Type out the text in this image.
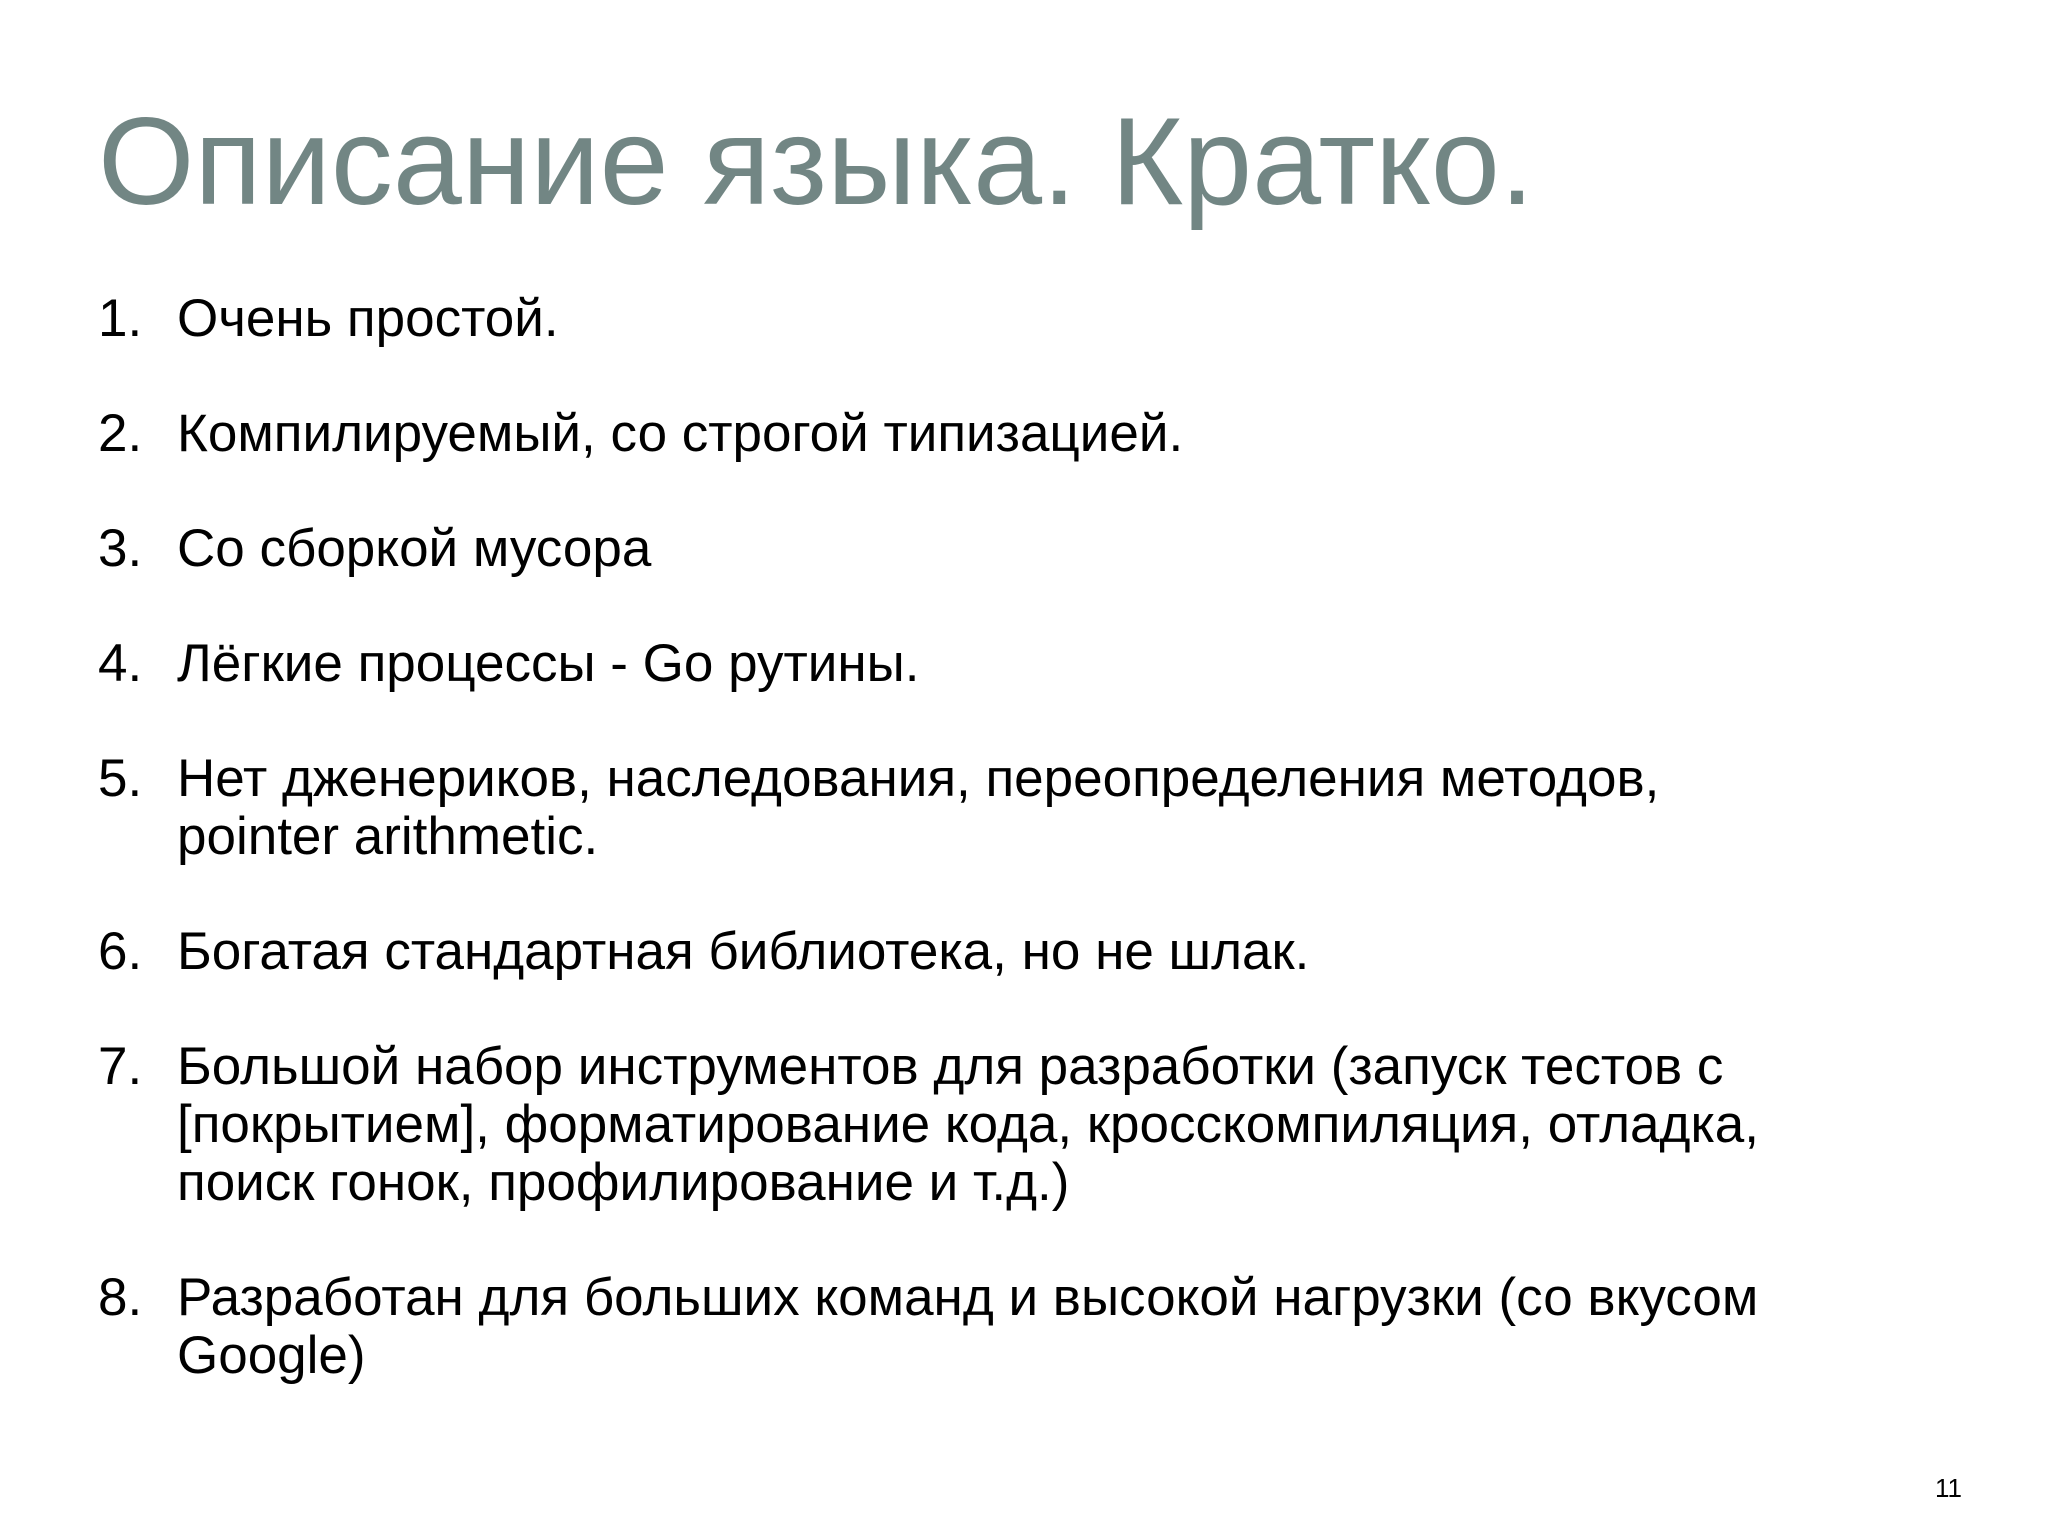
Описание языка. Кратко.
1. Очень простой.
2. Компилируемый, со строгой типизацией.
3. Со сборкой мусора
4. Лёгкие процессы - Go рутины.
5. Нет дженериков, наследования, переопределения методов,
pointer arithmetic.
6. Богатая стандартная библиотека, но не шлак.
7. Большой набор инструментов для разработки (запуск тестов с
[покрытием], форматирование кода, кросскомпиляция, отладка,
поиск гонок, профилирование и т.д.)
8. Разработан для больших команд и высокой нагрузки (со вкусом
Google)
11
